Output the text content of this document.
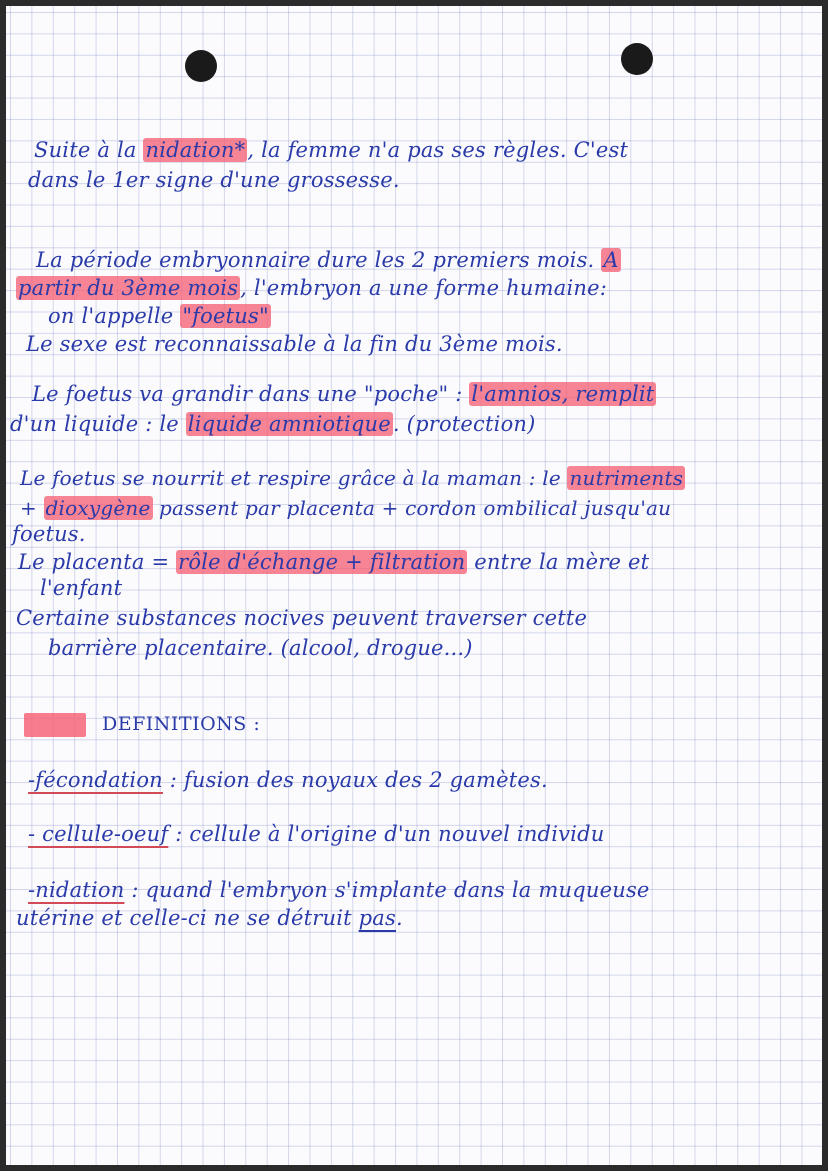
Suite à la nidation*, la femme n'a pas ses règles. C'est
dans le 1er signe d'une grossesse.
La période embryonnaire dure les 2 premiers mois. A
partir du 3ème mois, l'embryon a une forme humaine:
on l'appelle "foetus"
Le sexe est reconnaissable à la fin du 3ème mois.
Le foetus va grandir dans une "poche" : l'amnios, remplit
d'un liquide : le liquide amniotique. (protection)
Le foetus se nourrit et respire grâce à la maman : le nutriments
+ dioxygène passent par placenta + cordon ombilical jusqu'au
foetus.
Le placenta = rôle d'échange + filtration entre la mère et
l'enfant
Certaine substances nocives peuvent traverser cette
barrière placentaire. (alcool, drogue...)
DEFINITIONS :
-fécondation : fusion des noyaux des 2 gamètes.
- cellule-oeuf : cellule à l'origine d'un nouvel individu
-nidation : quand l'embryon s'implante dans la muqueuse
utérine et celle-ci ne se détruit pas.
